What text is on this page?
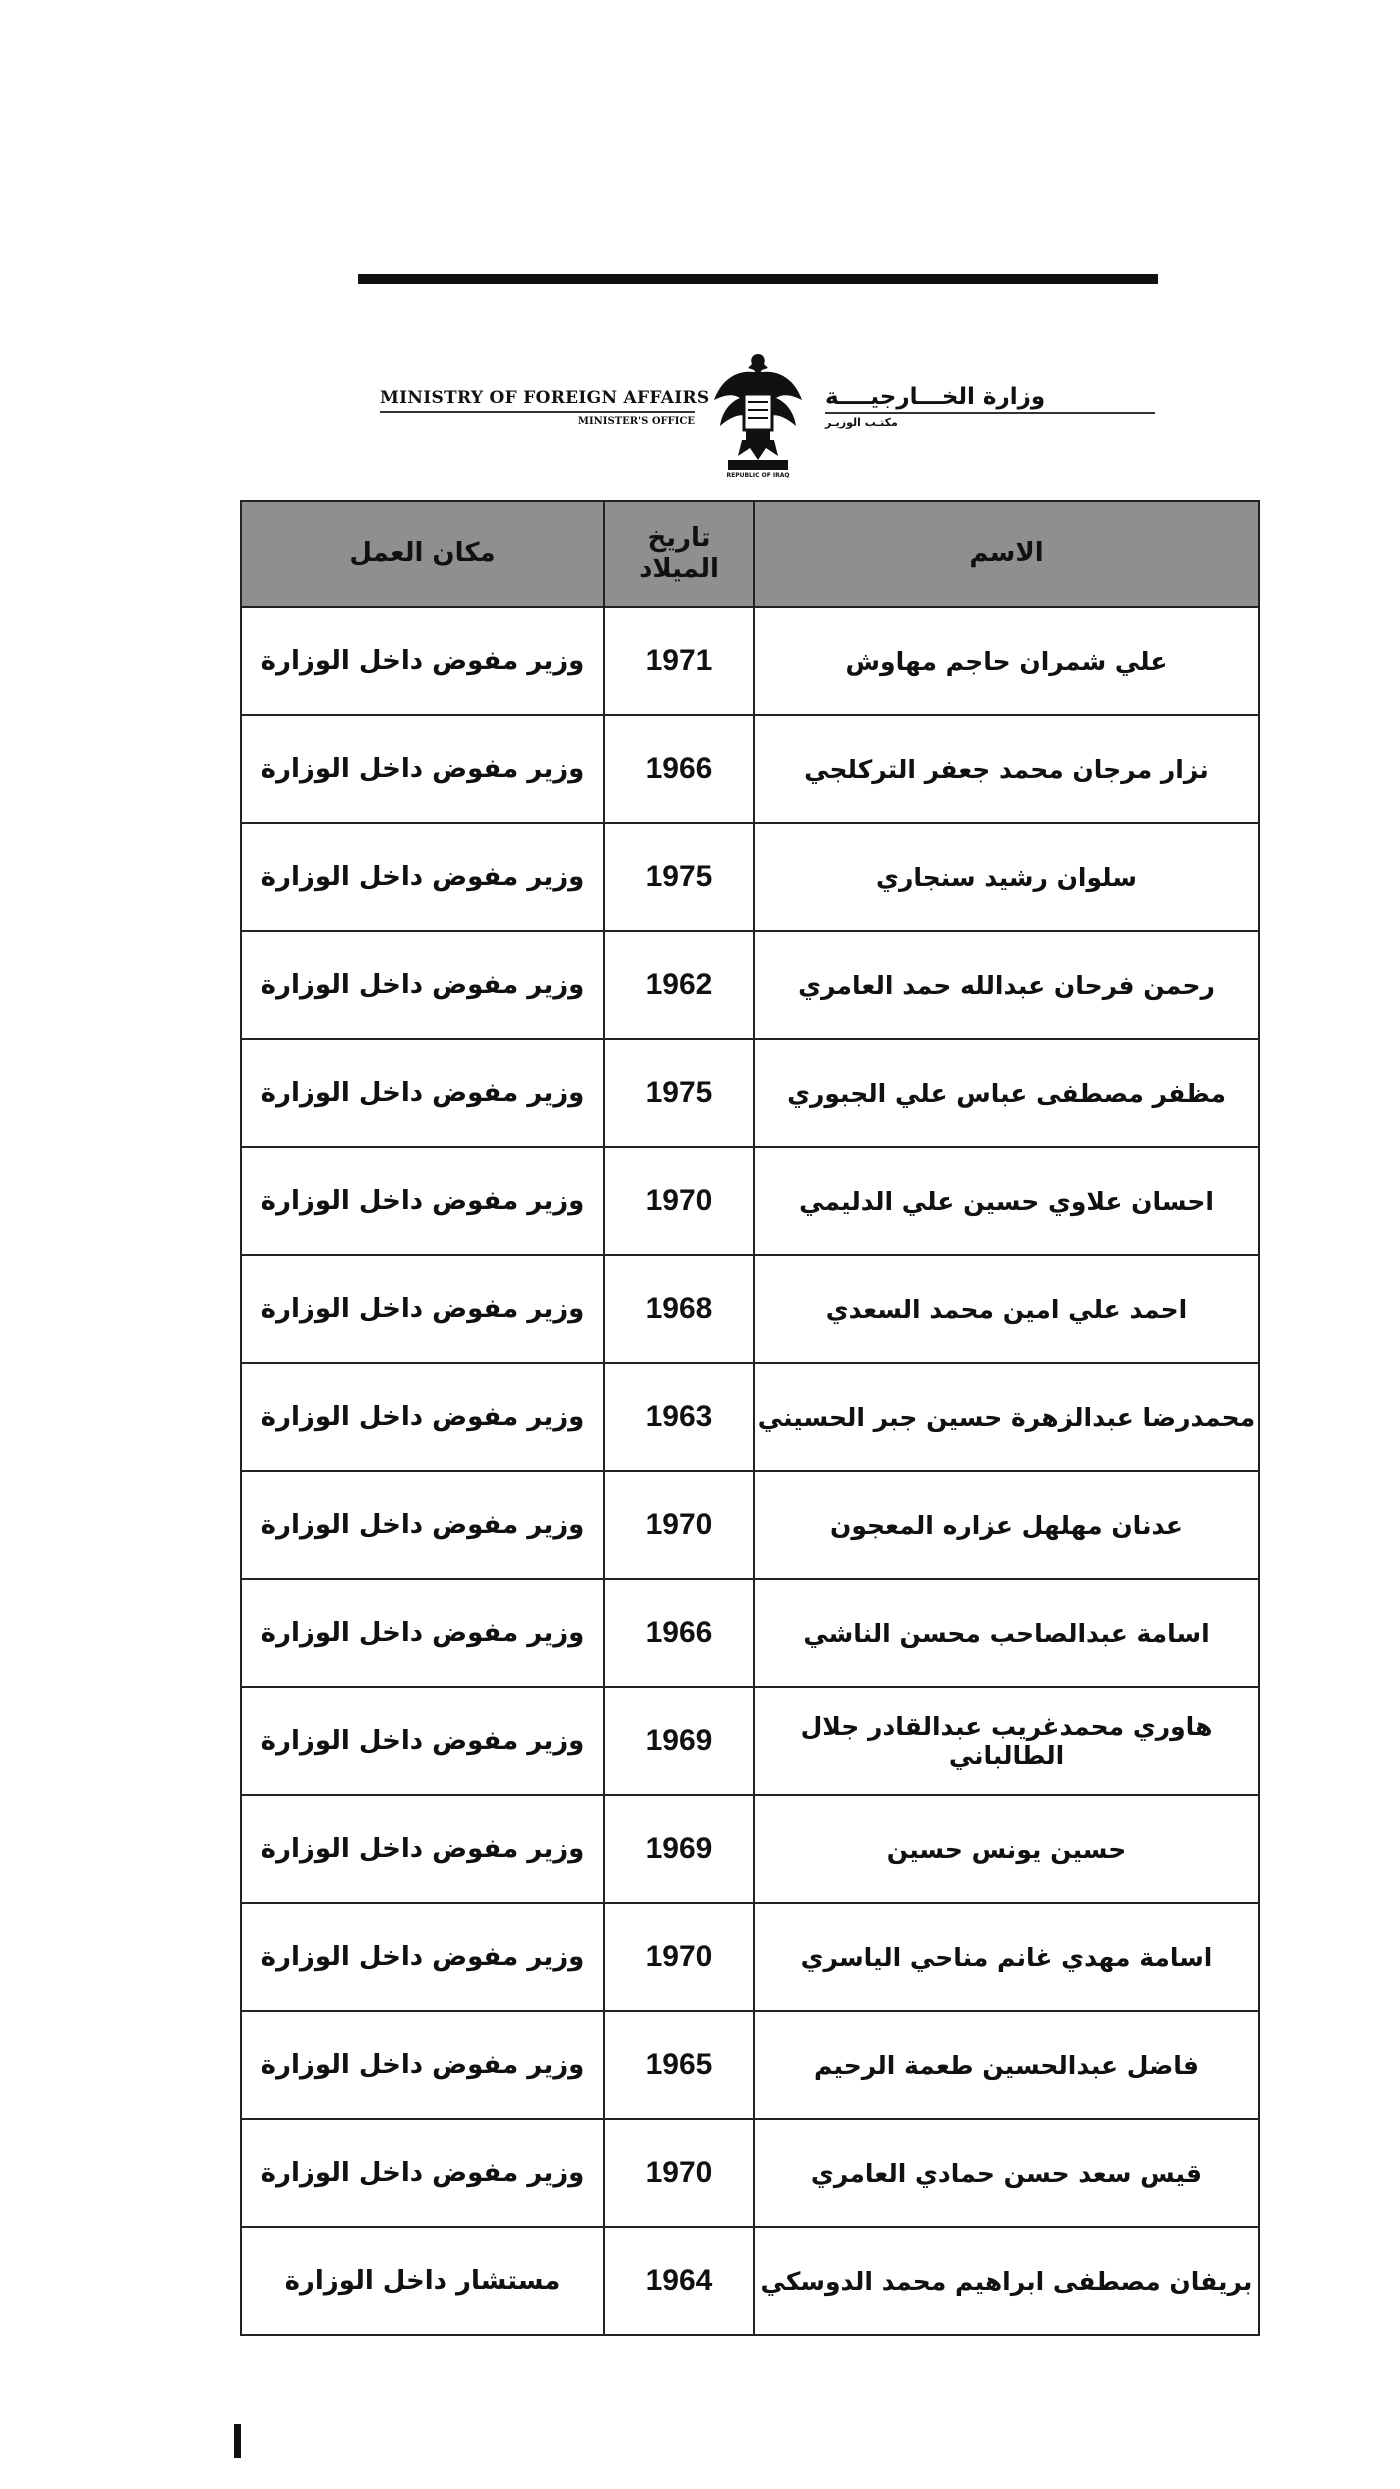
MINISTRY OF FOREIGN AFFAIRS
MINISTER'S OFFICE
REPUBLIC OF IRAQ
وزارة الخـــارجيــــة
مكتـب الوزيـر
الاسم	تاريخ الميلاد	مكان العمل
علي شمران حاجم مهاوش	1971	وزير مفوض داخل الوزارة
نزار مرجان محمد جعفر التركلجي	1966	وزير مفوض داخل الوزارة
سلوان رشيد سنجاري	1975	وزير مفوض داخل الوزارة
رحمن فرحان عبدالله حمد العامري	1962	وزير مفوض داخل الوزارة
مظفر مصطفى عباس علي الجبوري	1975	وزير مفوض داخل الوزارة
احسان علاوي حسين علي الدليمي	1970	وزير مفوض داخل الوزارة
احمد علي امين محمد السعدي	1968	وزير مفوض داخل الوزارة
محمدرضا عبدالزهرة حسين جبر الحسيني	1963	وزير مفوض داخل الوزارة
عدنان مهلهل عزاره المعجون	1970	وزير مفوض داخل الوزارة
اسامة عبدالصاحب محسن الناشي	1966	وزير مفوض داخل الوزارة
هاوري محمدغريب عبدالقادر جلال الطالباني	1969	وزير مفوض داخل الوزارة
حسين يونس حسين	1969	وزير مفوض داخل الوزارة
اسامة مهدي غانم مناحي الياسري	1970	وزير مفوض داخل الوزارة
فاضل عبدالحسين طعمة الرحيم	1965	وزير مفوض داخل الوزارة
قيس سعد حسن حمادي العامري	1970	وزير مفوض داخل الوزارة
بريفان مصطفى ابراهيم محمد الدوسكي	1964	مستشار داخل الوزارة
